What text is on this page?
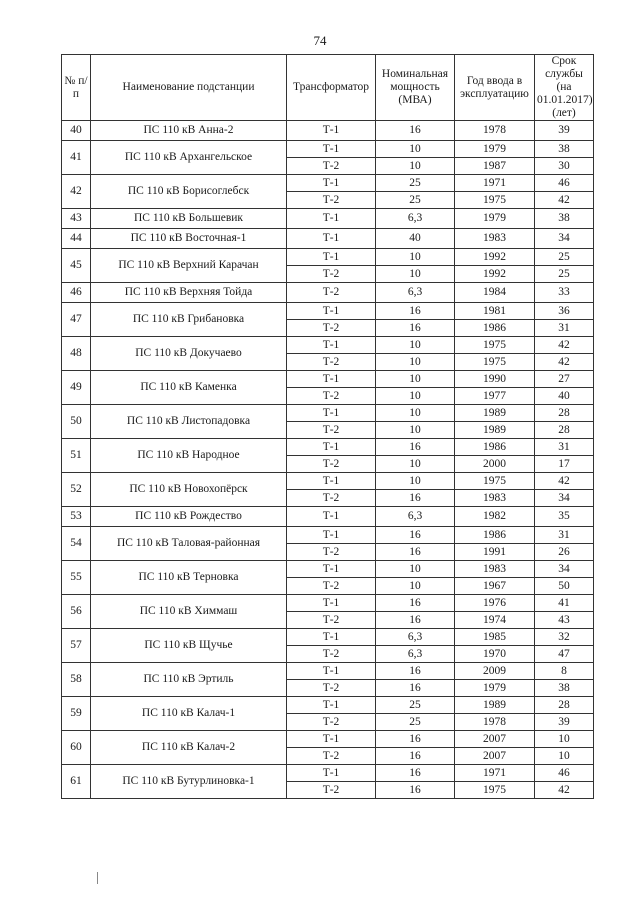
74
№ п/п	Наименование подстанции	Трансформатор	Номинальная мощность (МВА)	Год ввода в эксплуатацию	Срок службы (на 01.01.2017) (лет)
40	ПС 110 кВ Анна-2	Т-1	16	1978	39
41	ПС 110 кВ Архангельское	Т-1	10	1979	38
		Т-2	10	1987	30
42	ПС 110 кВ Борисоглебск	Т-1	25	1971	46
		Т-2	25	1975	42
43	ПС 110 кВ Большевик	Т-1	6,3	1979	38
44	ПС 110 кВ Восточная-1	Т-1	40	1983	34
45	ПС 110 кВ Верхний Карачан	Т-1	10	1992	25
		Т-2	10	1992	25
46	ПС 110 кВ Верхняя Тойда	Т-2	6,3	1984	33
47	ПС 110 кВ Грибановка	Т-1	16	1981	36
		Т-2	16	1986	31
48	ПС 110 кВ Докучаево	Т-1	10	1975	42
		Т-2	10	1975	42
49	ПС 110 кВ Каменка	Т-1	10	1990	27
		Т-2	10	1977	40
50	ПС 110 кВ Листопадовка	Т-1	10	1989	28
		Т-2	10	1989	28
51	ПС 110 кВ Народное	Т-1	16	1986	31
		Т-2	10	2000	17
52	ПС 110 кВ Новохопёрск	Т-1	10	1975	42
		Т-2	16	1983	34
53	ПС 110 кВ Рождество	Т-1	6,3	1982	35
54	ПС 110 кВ Таловая-районная	Т-1	16	1986	31
		Т-2	16	1991	26
55	ПС 110 кВ Терновка	Т-1	10	1983	34
		Т-2	10	1967	50
56	ПС 110 кВ Химмаш	Т-1	16	1976	41
		Т-2	16	1974	43
57	ПС 110 кВ Щучье	Т-1	6,3	1985	32
		Т-2	6,3	1970	47
58	ПС 110 кВ Эртиль	Т-1	16	2009	8
		Т-2	16	1979	38
59	ПС 110 кВ Калач-1	Т-1	25	1989	28
		Т-2	25	1978	39
60	ПС 110 кВ Калач-2	Т-1	16	2007	10
		Т-2	16	2007	10
61	ПС 110 кВ Бутурлиновка-1	Т-1	16	1971	46
		Т-2	16	1975	42
